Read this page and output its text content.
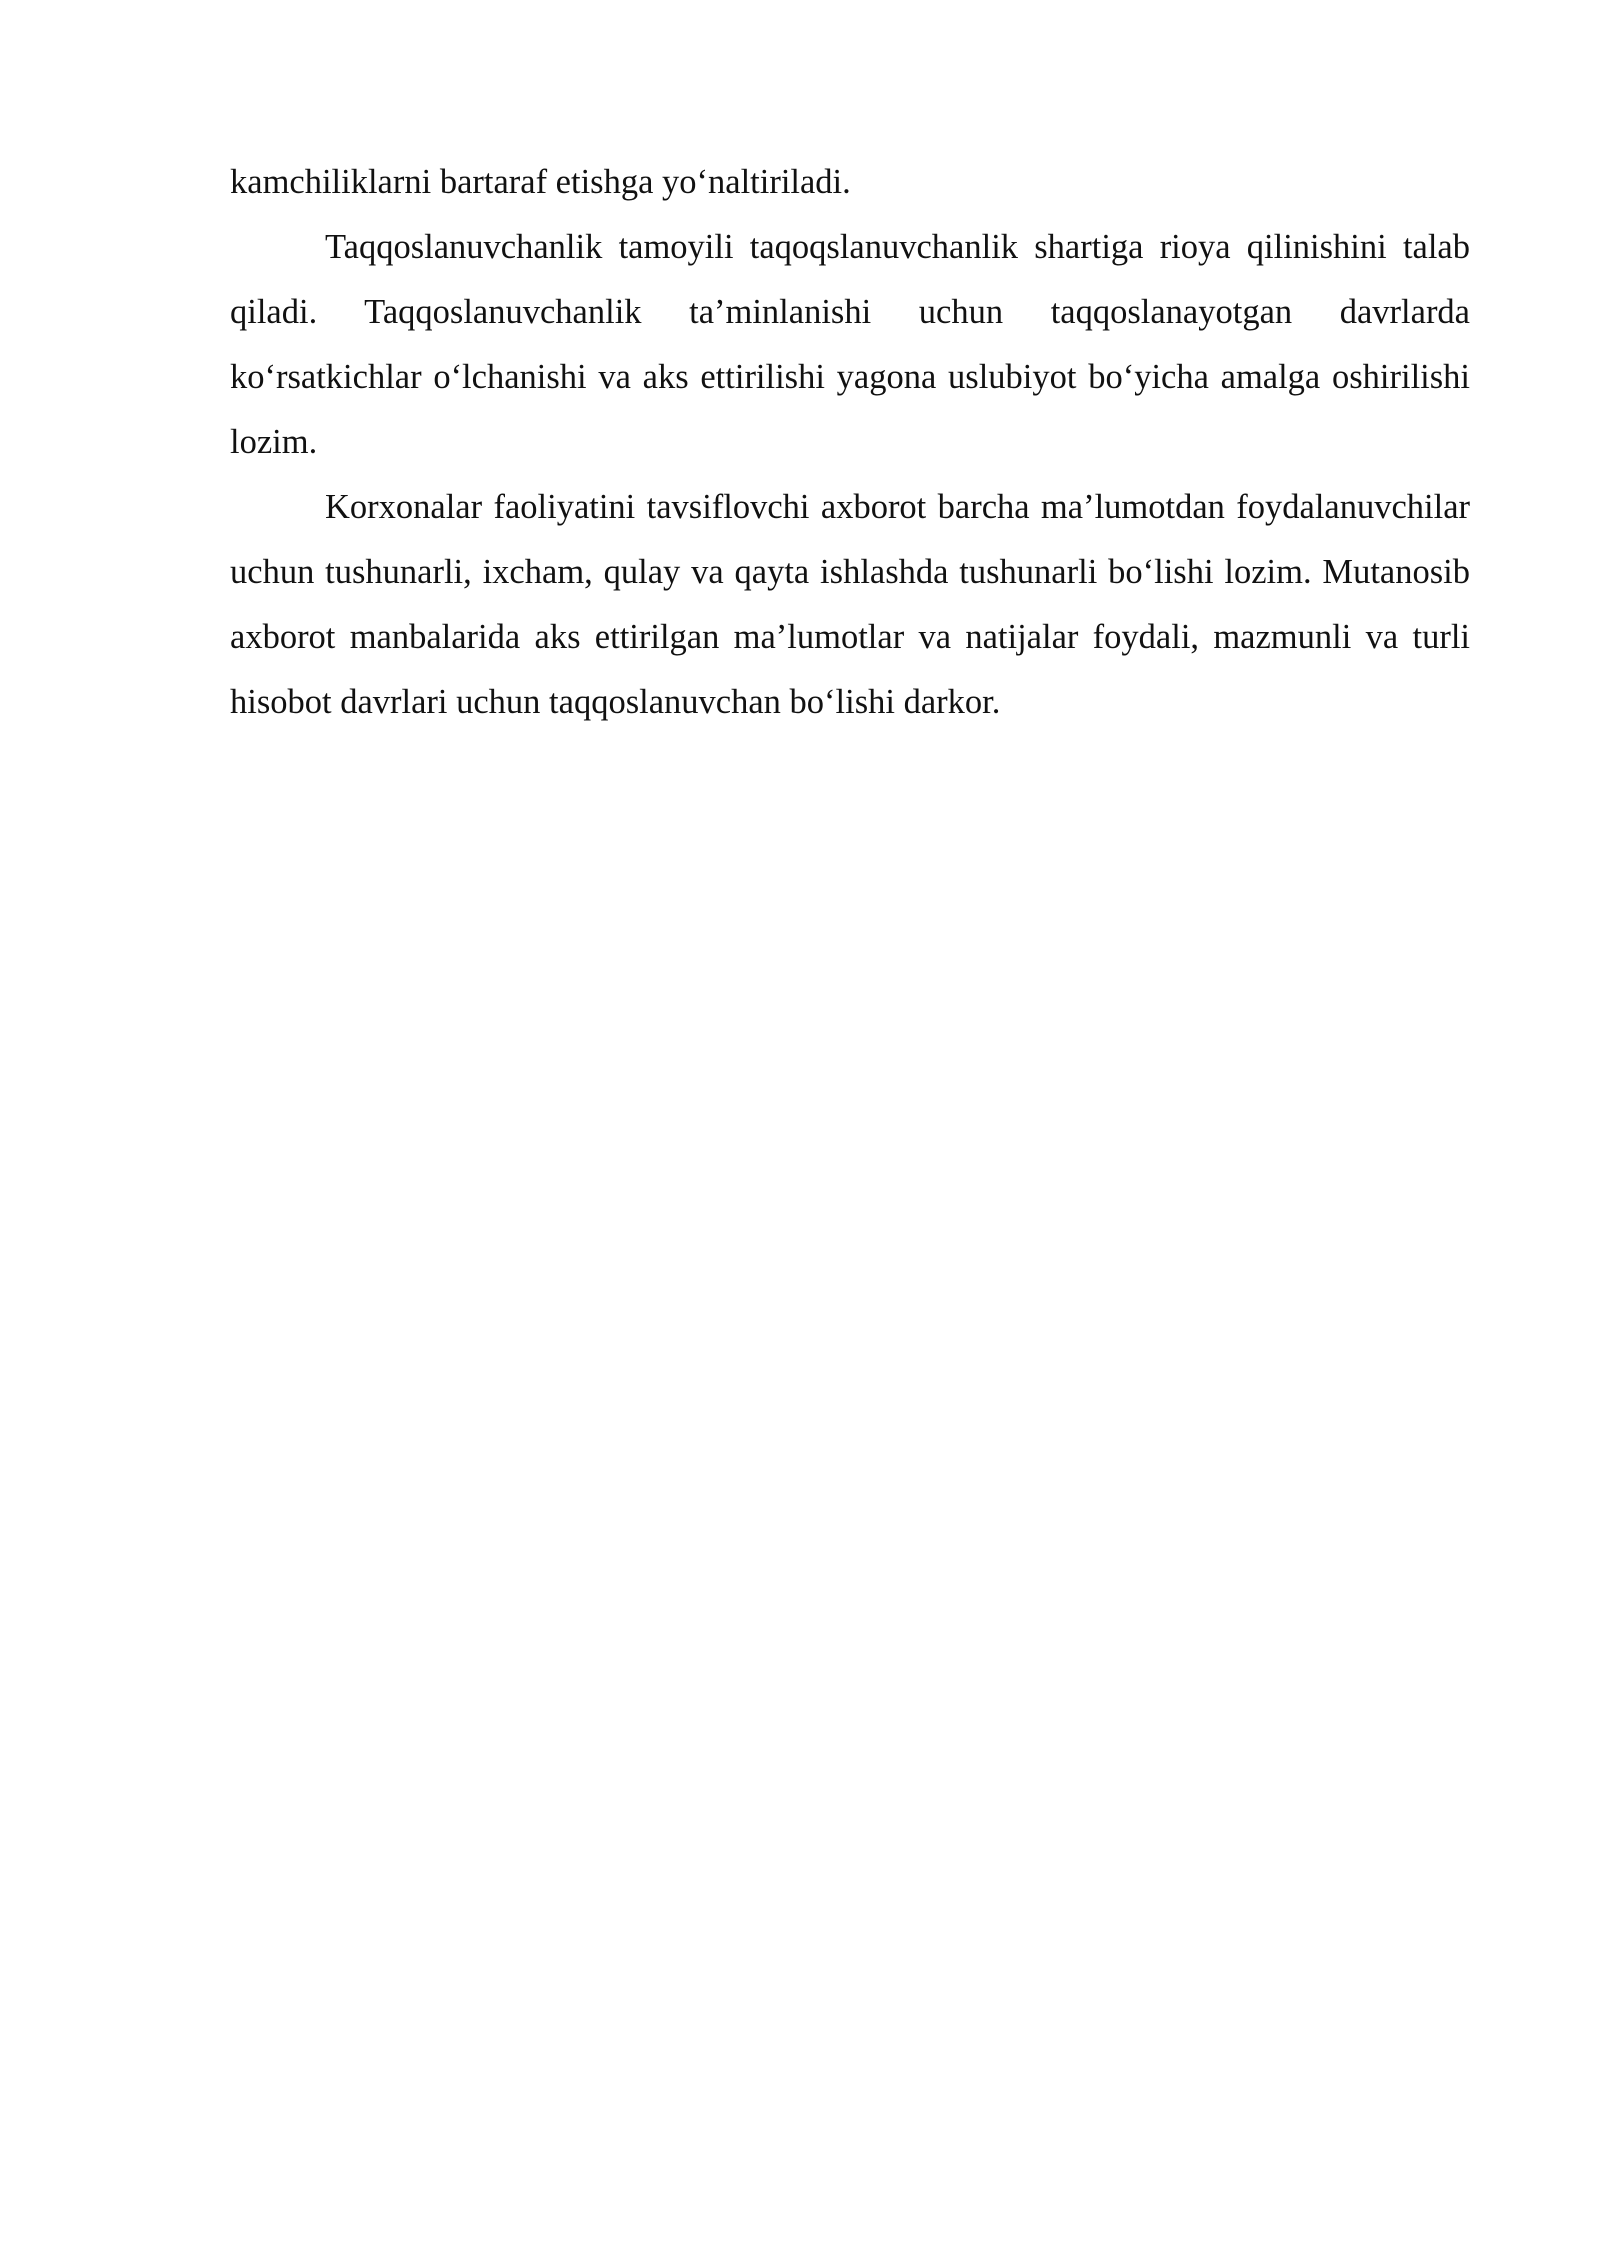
kamchiliklarni bartaraf etishga yo‘naltiriladi.

Taqqoslanuvchanlik tamoyili taqoqslanuvchanlik shartiga rioya qilinishini talab qiladi. Taqqoslanuvchanlik ta’minlanishi uchun taqqoslanayotgan davrlarda ko‘rsatkichlar o‘lchanishi va aks ettirilishi yagona uslubiyot bo‘yicha amalga oshirilishi lozim.

Korxonalar faoliyatini tavsiflovchi axborot barcha ma’lumotdan foydalanuvchilar uchun tushunarli, ixcham, qulay va qayta ishlashda tushunarli bo‘lishi lozim. Mutanosib axborot manbalarida aks ettirilgan ma’lumotlar va natijalar foydali, mazmunli va turli hisobot davrlari uchun taqqoslanuvchan bo‘lishi darkor.
